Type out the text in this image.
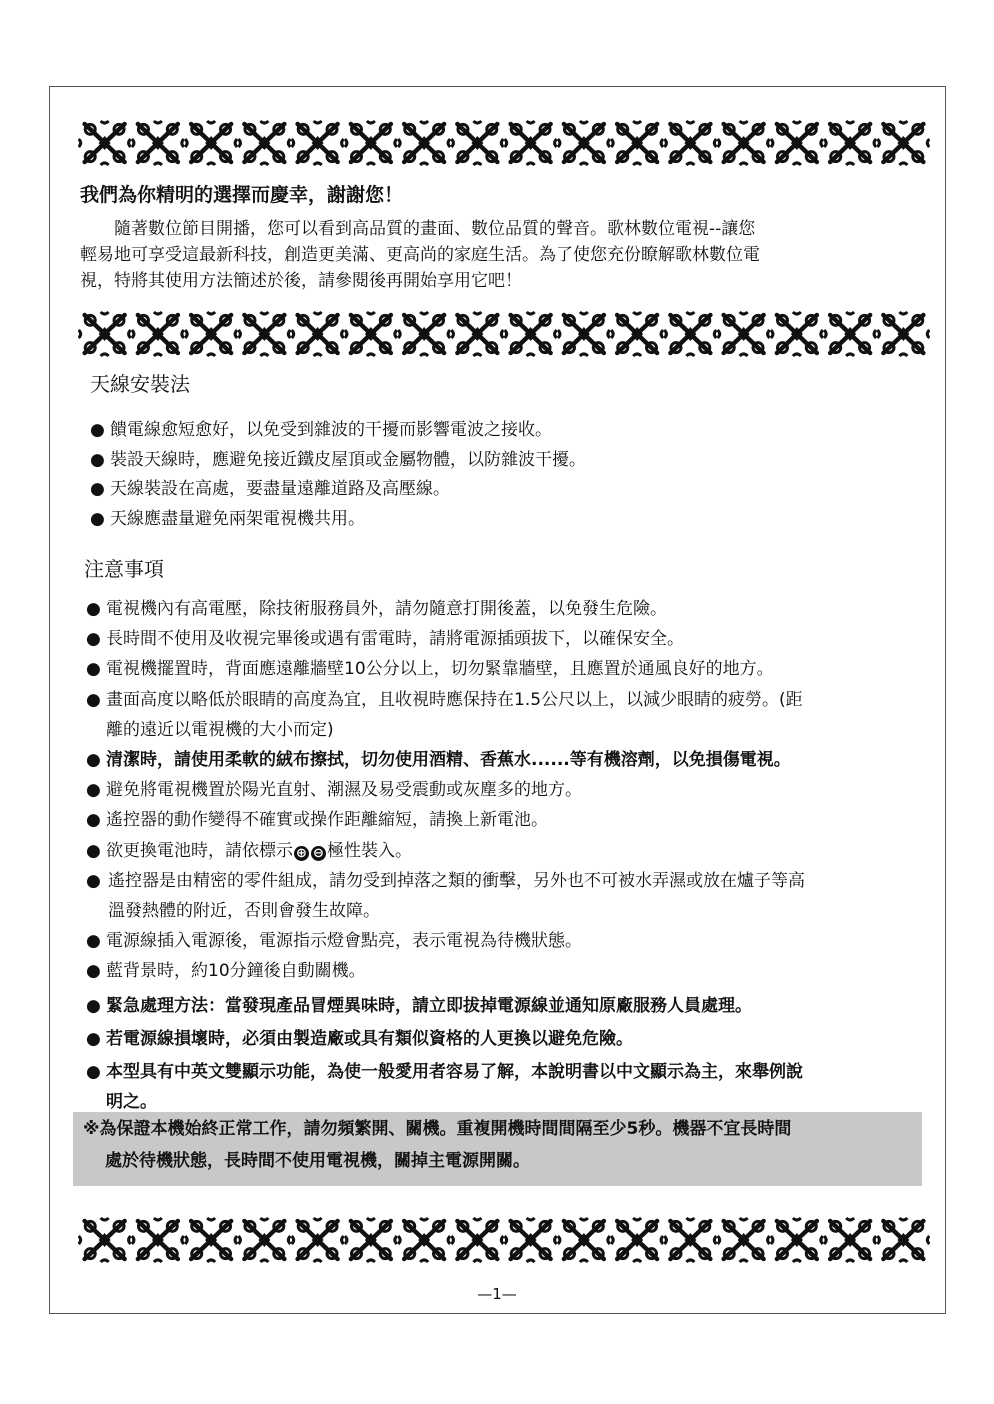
我們為你精明的選擇而慶幸，謝謝您！

　　隨著數位節目開播，您可以看到高品質的畫面、數位品質的聲音。歌林數位電視--讓您
輕易地可享受這最新科技，創造更美滿、更高尚的家庭生活。為了使您充份瞭解歌林數位電
視，特將其使用方法簡述於後，請參閱後再開始享用它吧！

天線安裝法
● 饋電線愈短愈好，以免受到雜波的干擾而影響電波之接收。
● 裝設天線時，應避免接近鐵皮屋頂或金屬物體，以防雜波干擾。
● 天線裝設在高處，要盡量遠離道路及高壓線。
● 天線應盡量避免兩架電視機共用。
注意事項
● 電視機內有高電壓，除技術服務員外，請勿隨意打開後蓋，以免發生危險。
● 長時間不使用及收視完畢後或遇有雷電時，請將電源插頭拔下，以確保安全。
● 電視機擺置時，背面應遠離牆壁10公分以上，切勿緊靠牆壁，且應置於通風良好的地方。
● 畫面高度以略低於眼睛的高度為宜，且收視時應保持在1.5公尺以上，以減少眼睛的疲勞。(距
離的遠近以電視機的大小而定)
● 清潔時，請使用柔軟的絨布擦拭，切勿使用酒精、香蕉水......等有機溶劑，以免損傷電視。
● 避免將電視機置於陽光直射、潮濕及易受震動或灰塵多的地方。
● 遙控器的動作變得不確實或操作距離縮短，請換上新電池。
● 欲更換電池時，請依標示 ⊕ ⊖ 極性裝入。
● 遙控器是由精密的零件組成，請勿受到掉落之類的衝擊，另外也不可被水弄濕或放在爐子等高
溫發熱體的附近，否則會發生故障。
● 電源線插入電源後，電源指示燈會點亮，表示電視為待機狀態。
● 藍背景時，約10分鐘後自動關機。
● 緊急處理方法：當發現產品冒煙異味時，請立即拔掉電源線並通知原廠服務人員處理。
● 若電源線損壞時，必須由製造廠或具有類似資格的人更換以避免危險。
● 本型具有中英文雙顯示功能，為使一般愛用者容易了解，本說明書以中文顯示為主，來舉例說
明之。

※為保證本機始終正常工作，請勿頻繁開、關機。重複開機時間間隔至少5秒。機器不宜長時間

處於待機狀態，長時間不使用電視機，關掉主電源開關。

—1—
